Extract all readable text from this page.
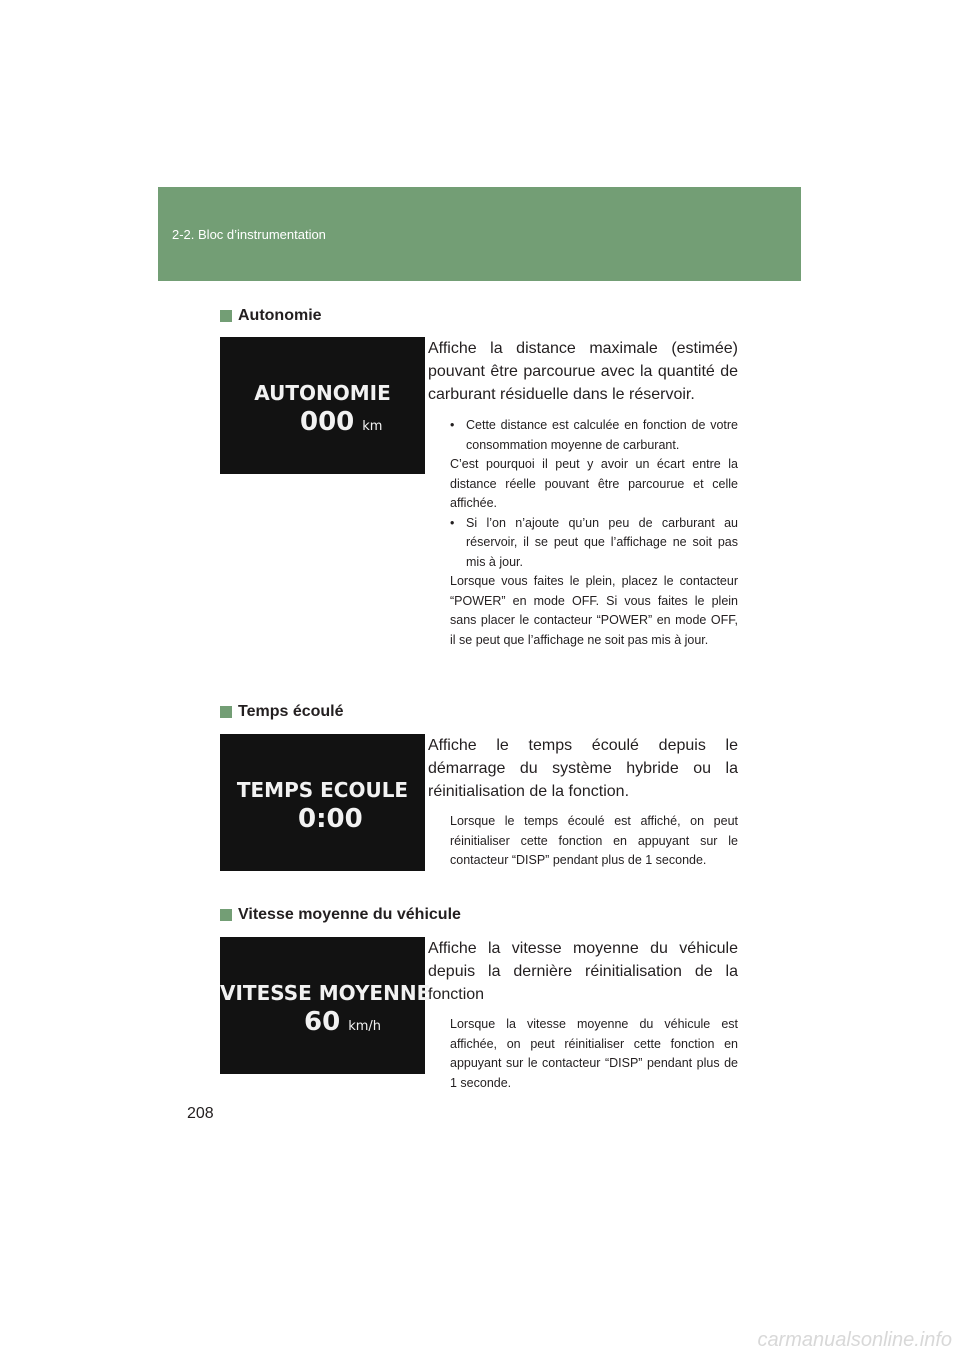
2-2. Bloc d’instrumentation
Autonomie
AUTONOMIE
000 km
Affiche la distance maximale (estimée) pouvant être parcourue avec la quantité de carburant résiduelle dans le réservoir.

• Cette distance est calculée en fonction de votre consommation moyenne de carburant.

C’est pourquoi il peut y avoir un écart entre la distance réelle pouvant être parcourue et celle affichée.

• Si l’on n’ajoute qu’un peu de carburant au réservoir, il se peut que l’affichage ne soit pas mis à jour.

Lorsque vous faites le plein, placez le contacteur “POWER” en mode OFF. Si vous faites le plein sans placer le contacteur “POWER” en mode OFF, il se peut que l’affichage ne soit pas mis à jour.

Temps écoulé
TEMPS ECOULE
0:00
Affiche le temps écoulé depuis le démarrage du système hybride ou la réinitialisation de la fonction.

Lorsque le temps écoulé est affiché, on peut réinitialiser cette fonction en appuyant sur le contacteur “DISP” pendant plus de 1 seconde.

Vitesse moyenne du véhicule
VITESSE MOYENNE
60 km/h
Affiche la vitesse moyenne du véhicule depuis la dernière réinitialisation de la fonction

Lorsque la vitesse moyenne du véhicule est affichée, on peut réinitialiser cette fonction en appuyant sur le contacteur “DISP” pendant plus de 1 seconde.

208
carmanualsonline.info
